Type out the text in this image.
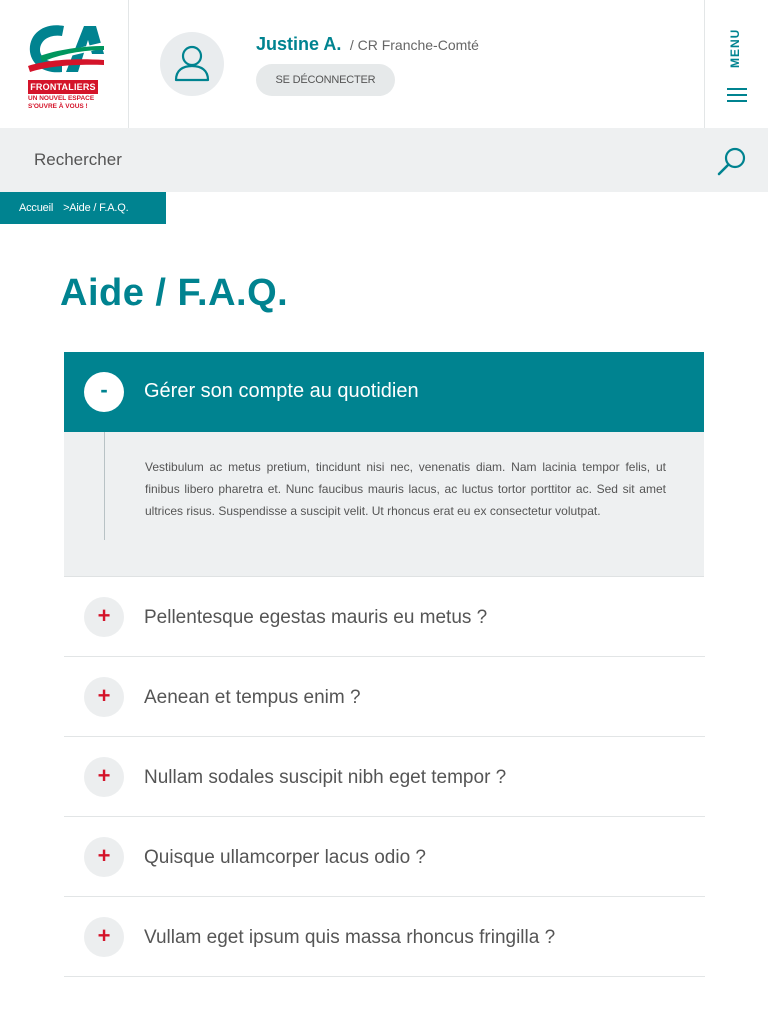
FRONTALIERS
UN NOUVEL ESPACE
S'OUVRE À VOUS !
Justine A. / CR Franche-Comté
SE DÉCONNECTER
MENU
Rechercher
Accueil >Aide / F.A.Q.
Aide / F.A.Q.
-	Gérer son compte au quotidien

Vestibulum ac metus pretium, tincidunt nisi nec, venenatis diam. Nam lacinia tempor felis, ut finibus libero pharetra et. Nunc faucibus mauris lacus, ac luctus tortor porttitor ac. Sed sit amet ultrices risus. Suspendisse a suscipit velit. Ut rhoncus erat eu ex consectetur volutpat.

+	Pellentesque egestas mauris eu metus ?
+	Aenean et tempus enim ?
+	Nullam sodales suscipit nibh eget tempor ?
+	Quisque ullamcorper lacus odio ?
+	Vullam eget ipsum quis massa rhoncus fringilla ?
